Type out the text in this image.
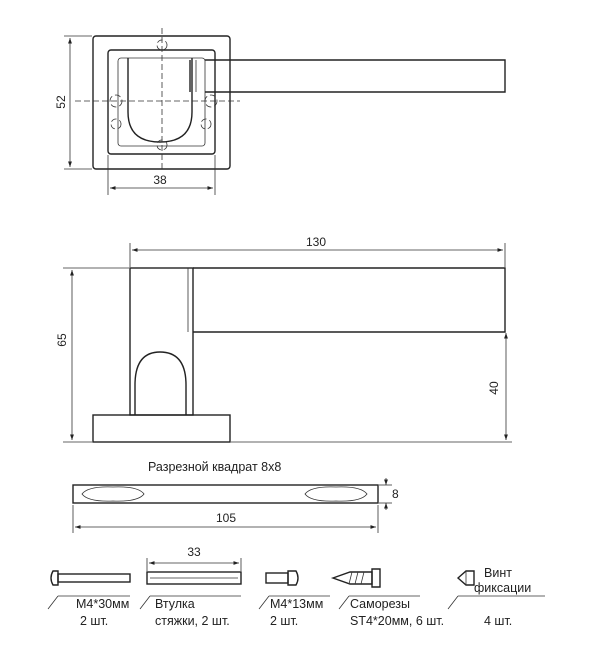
52
38
130
65
40
Разрезной квадрат 8х8
8
105
М4*30мм
2 шт.
33
Втулка
стяжки, 2 шт.
М4*13мм
2 шт.
Саморезы
ST4*20мм, 6 шт.
Винт
фиксации
4 шт.
